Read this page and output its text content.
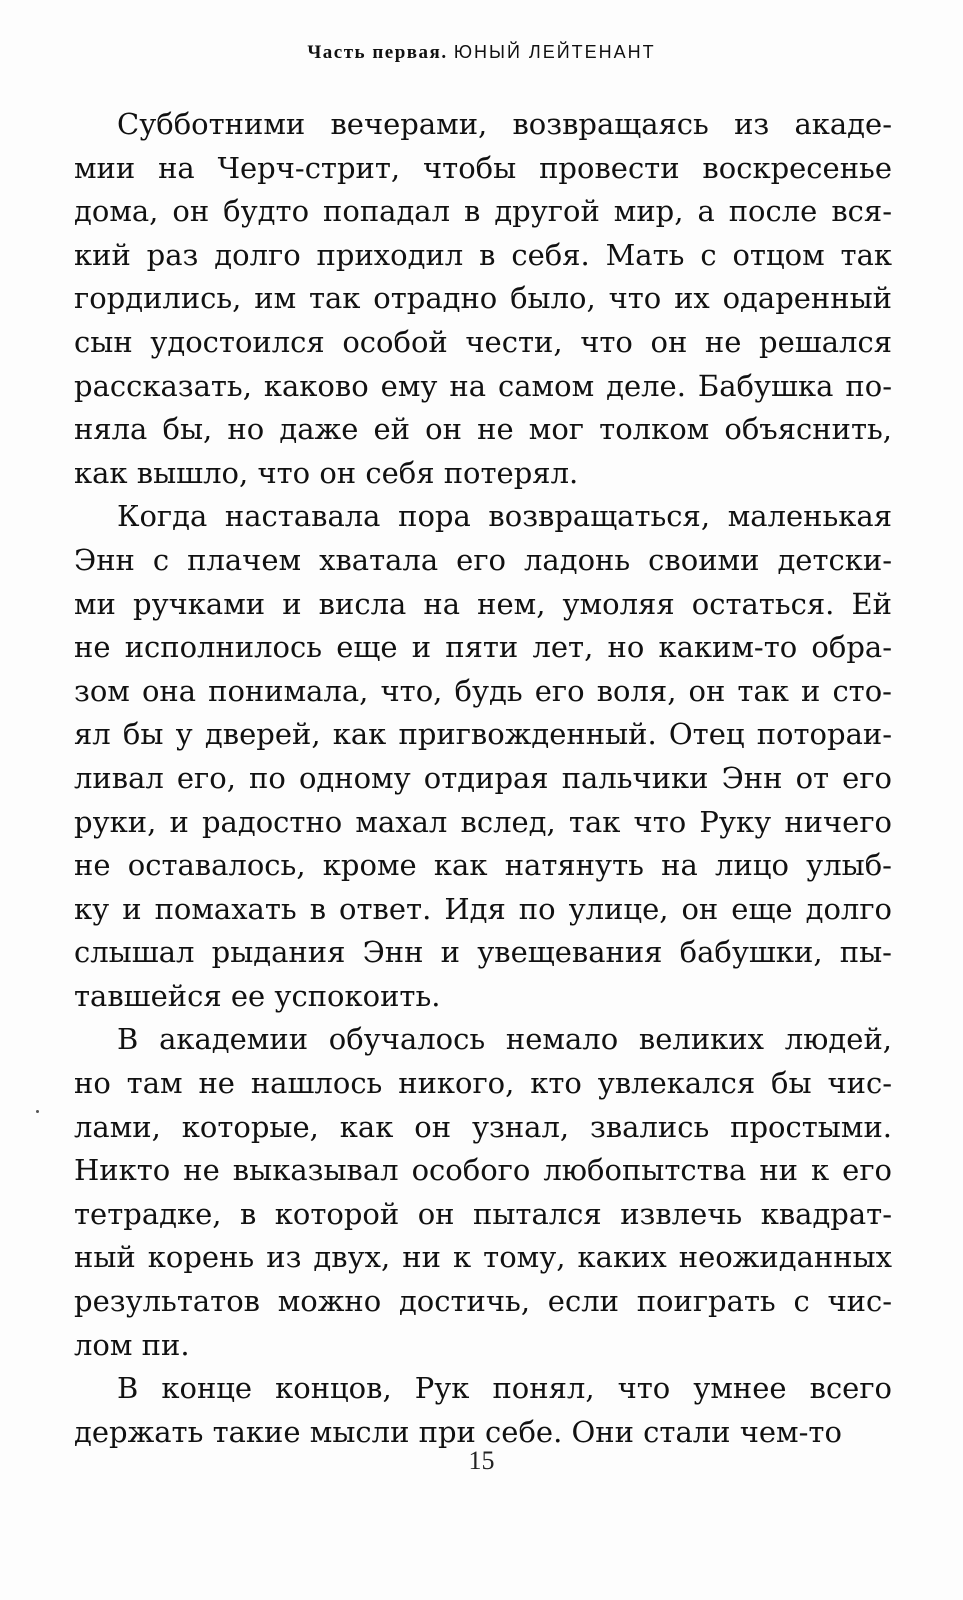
Часть первая. ЮНЫЙ ЛЕЙТЕНАНТ
Субботними вечерами, возвращаясь из акаде-
мии на Черч-стрит, чтобы провести воскресенье
дома, он будто попадал в другой мир, а после вся-
кий раз долго приходил в себя. Мать с отцом так
гордились, им так отрадно было, что их одаренный
сын удостоился особой чести, что он не решался
рассказать, каково ему на самом деле. Бабушка по-
няла бы, но даже ей он не мог толком объяснить,
как вышло, что он себя потерял.
Когда наставала пора возвращаться, маленькая
Энн с плачем хватала его ладонь своими детски-
ми ручками и висла на нем, умоляя остаться. Ей
не исполнилось еще и пяти лет, но каким-то обра-
зом она понимала, что, будь его воля, он так и сто-
ял бы у дверей, как пригвожденный. Отец потораи-
ливал его, по одному отдирая пальчики Энн от его
руки, и радостно махал вслед, так что Руку ничего
не оставалось, кроме как натянуть на лицо улыб-
ку и помахать в ответ. Идя по улице, он еще долго
слышал рыдания Энн и увещевания бабушки, пы-
тавшейся ее успокоить.
В академии обучалось немало великих людей,
но там не нашлось никого, кто увлекался бы чис-
лами, которые, как он узнал, звались простыми.
Никто не выказывал особого любопытства ни к его
тетрадке, в которой он пытался извлечь квадрат-
ный корень из двух, ни к тому, каких неожиданных
результатов можно достичь, если поиграть с чис-
лом пи.
В конце концов, Рук понял, что умнее всего
держать такие мысли при себе. Они стали чем-то
15
